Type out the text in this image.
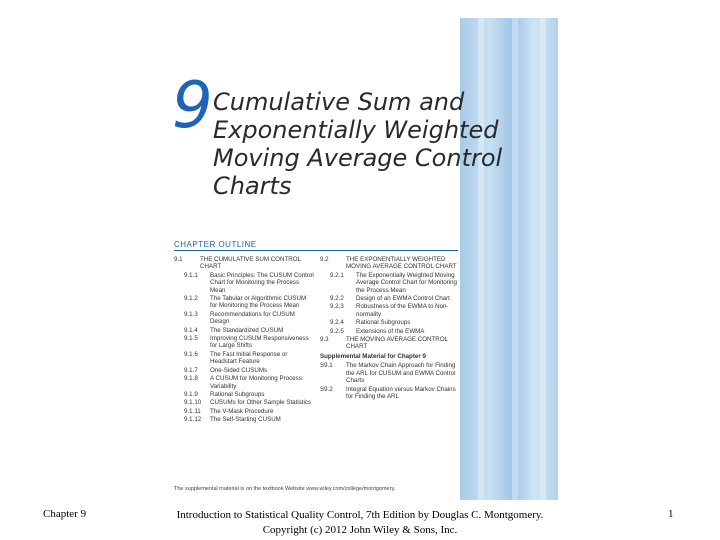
9 Cumulative Sum and
Exponentially Weighted
Moving Average Control
Charts
CHAPTER OUTLINE
9.1	THE CUMULATIVE SUM CONTROL CHART
9.1.1	Basic Principles: The CUSUM Control Chart for Monitoring the Process Mean
9.1.2	The Tabular or Algorithmic CUSUM for Monitoring the Process Mean
9.1.3	Recommendations for CUSUM Design
9.1.4	The Standardized CUSUM
9.1.5	Improving CUSUM Responsiveness for Large Shifts
9.1.6	The Fast Initial Response or Headstart Feature
9.1.7	One-Sided CUSUMs
9.1.8	A CUSUM for Monitoring Process Variability
9.1.9	Rational Subgroups
9.1.10	CUSUMs for Other Sample Statistics
9.1.11	The V-Mask Procedure
9.1.12	The Self-Starting CUSUM
9.2	THE EXPONENTIALLY WEIGHTED MOVING AVERAGE CONTROL CHART
9.2.1	The Exponentially Weighted Moving Average Control Chart for Monitoring the Process Mean
9.2.2	Design of an EWMA Control Chart
9.2.3	Robustness of the EWMA to Non-normality
9.2.4	Rational Subgroups
9.2.5	Extensions of the EWMA
9.3	THE MOVING AVERAGE CONTROL CHART
Supplemental Material for Chapter 9
S9.1	The Markov Chain Approach for Finding the ARL for CUSUM and EWMA Control Charts
S9.2	Integral Equation versus Markov Chains for Finding the ARL
The supplemental material is on the textbook Website www.wiley.com/college/montgomery.
Chapter 9	Introduction to Statistical Quality Control, 7th Edition by Douglas C. Montgomery.
Copyright (c) 2012 John Wiley & Sons, Inc.
1
